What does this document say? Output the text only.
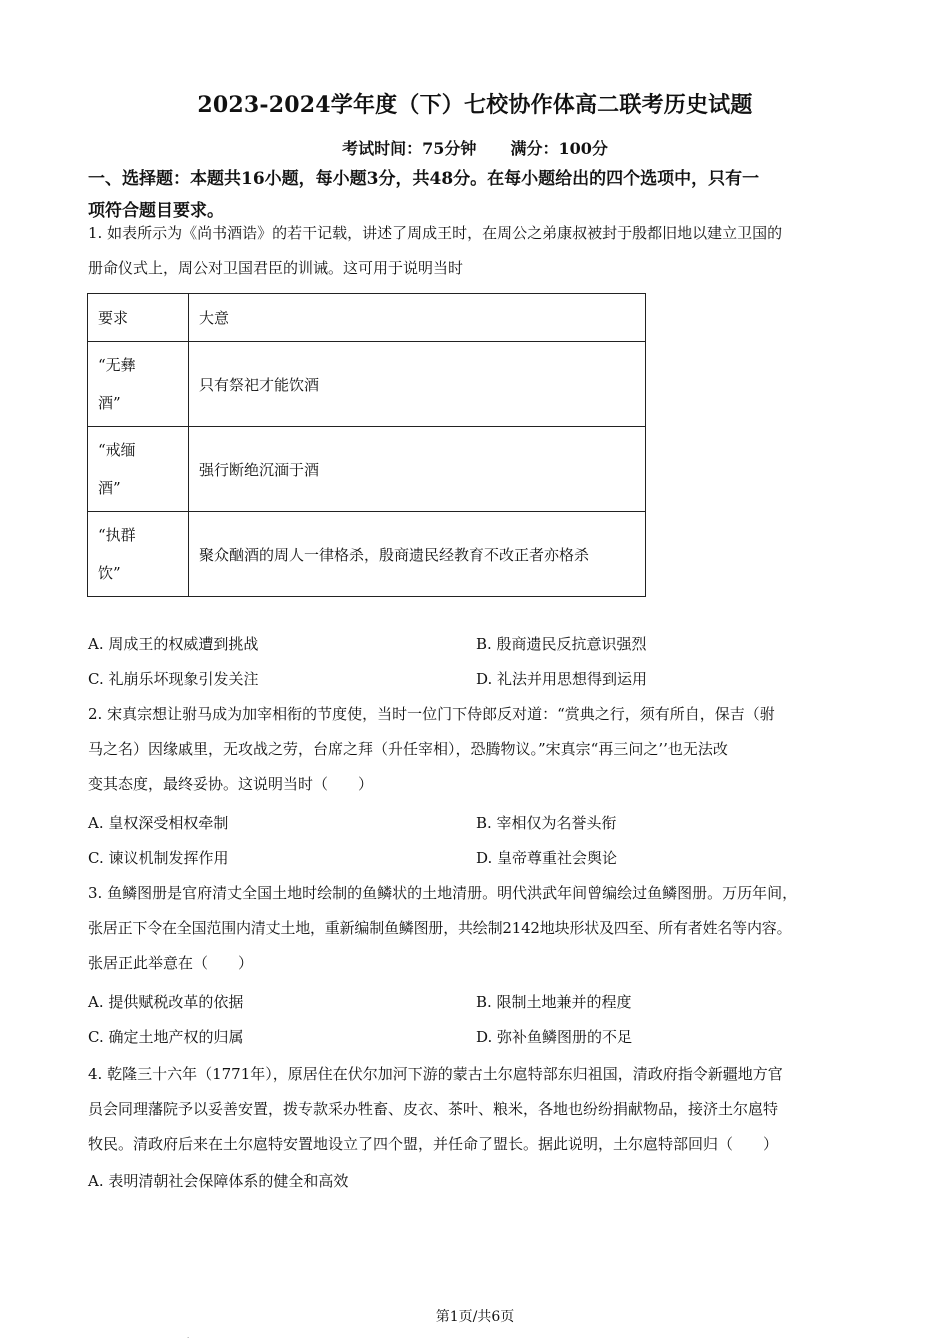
2023-2024学年度（下）七校协作体高二联考历史试题
考试时间：75分钟 满分：100分
一、选择题：本题共16小题，每小题3分，共48分。在每小题给出的四个选项中，只有一
项符合题目要求。
1. 如表所示为《尚书酒诰》的若干记载，讲述了周成王时，在周公之弟康叔被封于殷都旧地以建立卫国的
册命仪式上，周公对卫国君臣的训诫。这可用于说明当时
要求	大意

“无彝
酒”	只有祭祀才能饮酒

“戒缅
酒”	强行断绝沉湎于酒

“执群
饮”	聚众酗酒的周人一律格杀，殷商遗民经教育不改正者亦格杀
A. 周成王的权威遭到挑战	B. 殷商遗民反抗意识强烈
C. 礼崩乐坏现象引发关注	D. 礼法并用思想得到运用
2. 宋真宗想让驸马成为加宰相衔的节度使，当时一位门下侍郎反对道：“赏典之行，须有所自，保吉（驸
马之名）因缘戚里，无攻战之劳，台席之拜（升任宰相），恐腾物议。”宋真宗“再三问之’’也无法改
变其态度，最终妥协。这说明当时（　　）
A. 皇权深受相权牵制	B. 宰相仅为名誉头衔
C. 谏议机制发挥作用	D. 皇帝尊重社会舆论
3. 鱼鳞图册是官府清丈全国土地时绘制的鱼鳞状的土地清册。明代洪武年间曾编绘过鱼鳞图册。万历年间，
张居正下令在全国范围内清丈土地，重新编制鱼鳞图册，共绘制2142地块形状及四至、所有者姓名等内容。
张居正此举意在（　　）
A. 提供赋税改革的依据	B. 限制土地兼并的程度
C. 确定土地产权的归属	D. 弥补鱼鳞图册的不足
4. 乾隆三十六年（1771年），原居住在伏尔加河下游的蒙古土尔扈特部东归祖国，清政府指令新疆地方官
员会同理藩院予以妥善安置，拨专款采办牲畜、皮衣、茶叶、粮米，各地也纷纷捐献物品，接济土尔扈特
牧民。清政府后来在土尔扈特安置地设立了四个盟，并任命了盟长。据此说明，土尔扈特部回归（　　）
A. 表明清朝社会保障体系的健全和高效
.
第1页/共6页
